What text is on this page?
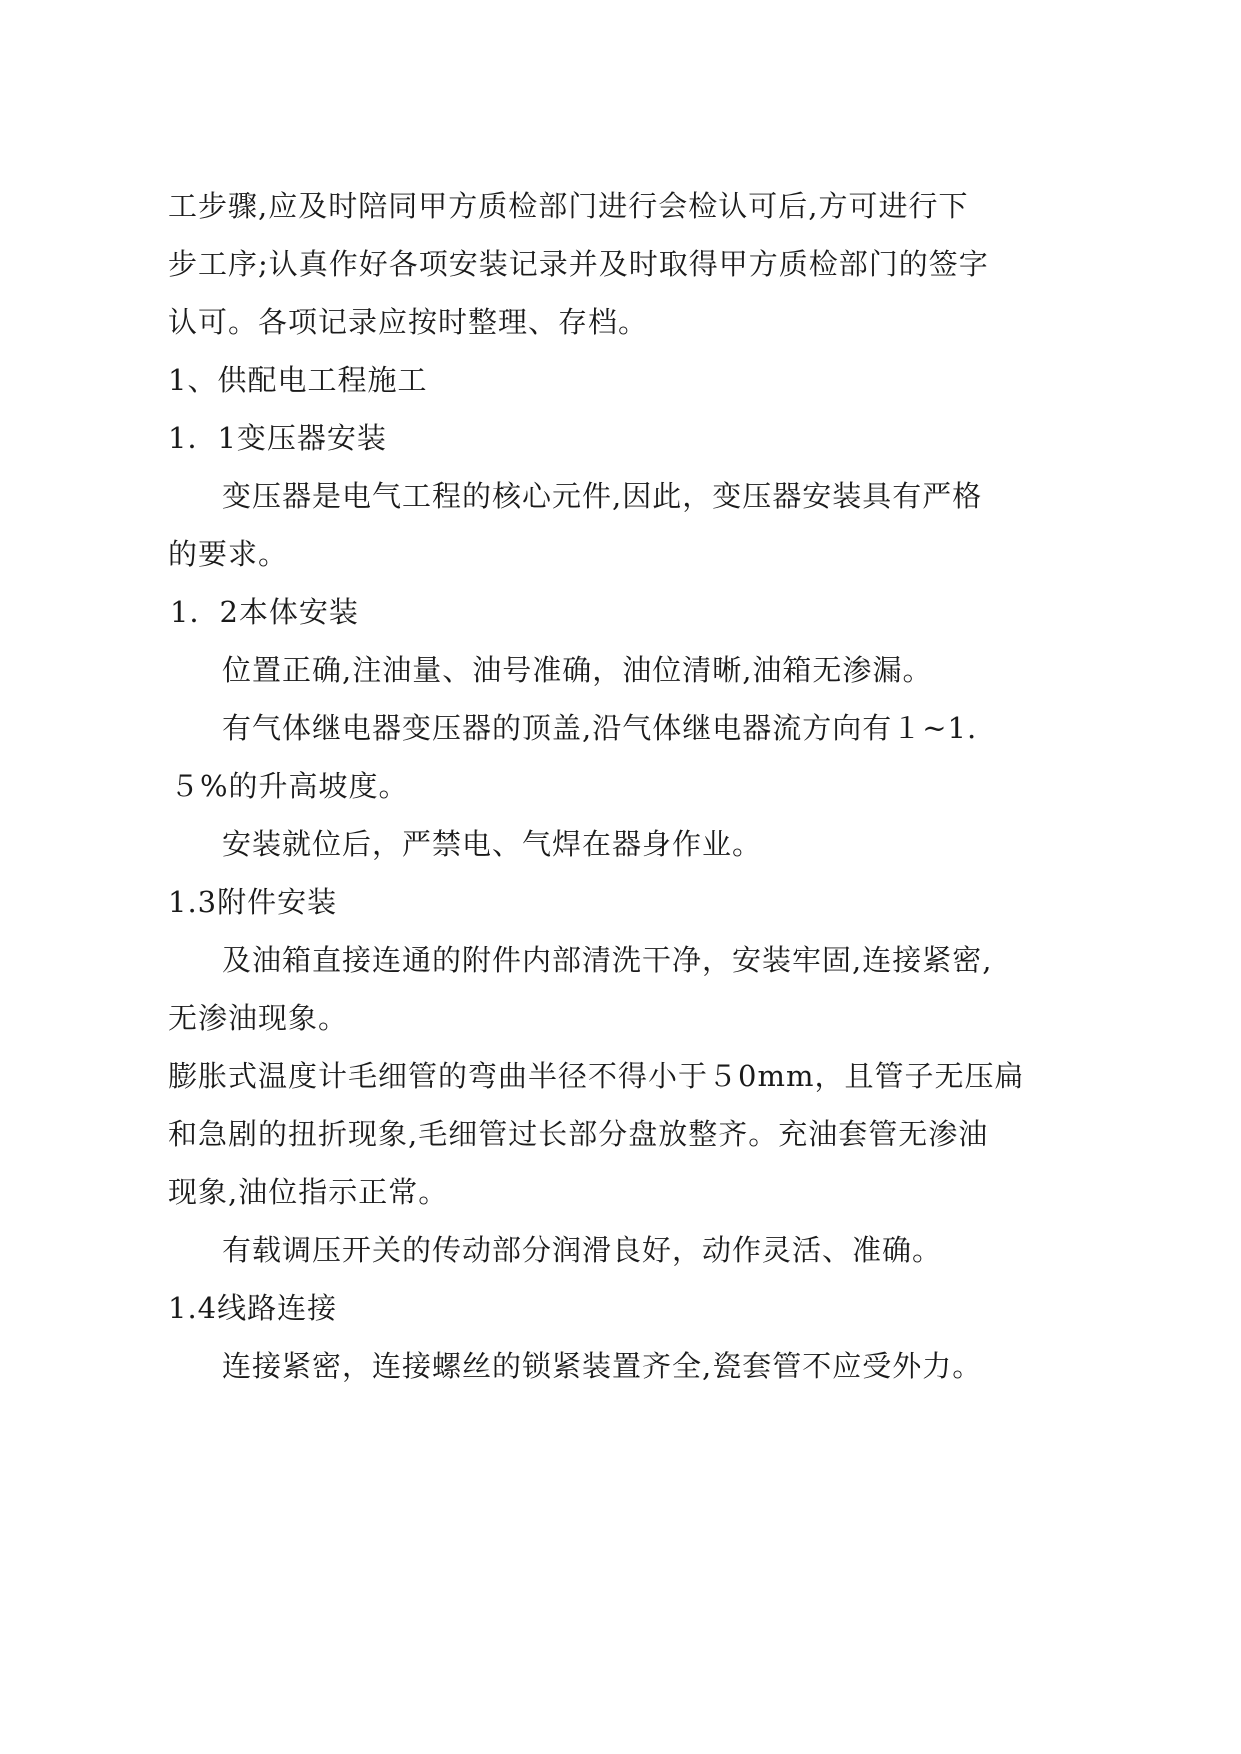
工步骤,应及时陪同甲方质检部门进行会检认可后,方可进行下
步工序;认真作好各项安装记录并及时取得甲方质检部门的签字
认可。各项记录应按时整理、存档。
1、供配电工程施工
1．1变压器安装
变压器是电气工程的核心元件,因此，变压器安装具有严格
的要求。
1．2本体安装
位置正确,注油量、油号准确，油位清晰,油箱无渗漏。
有气体继电器变压器的顶盖,沿气体继电器流方向有１~1.
５%的升高坡度。
安装就位后，严禁电、气焊在器身作业。
1.3附件安装
及油箱直接连通的附件内部清洗干净，安装牢固,连接紧密,
无渗油现象。
膨胀式温度计毛细管的弯曲半径不得小于５0mm，且管子无压扁
和急剧的扭折现象,毛细管过长部分盘放整齐。充油套管无渗油
现象,油位指示正常。
有载调压开关的传动部分润滑良好，动作灵活、准确。
1.4线路连接
连接紧密，连接螺丝的锁紧装置齐全,瓷套管不应受外力。
